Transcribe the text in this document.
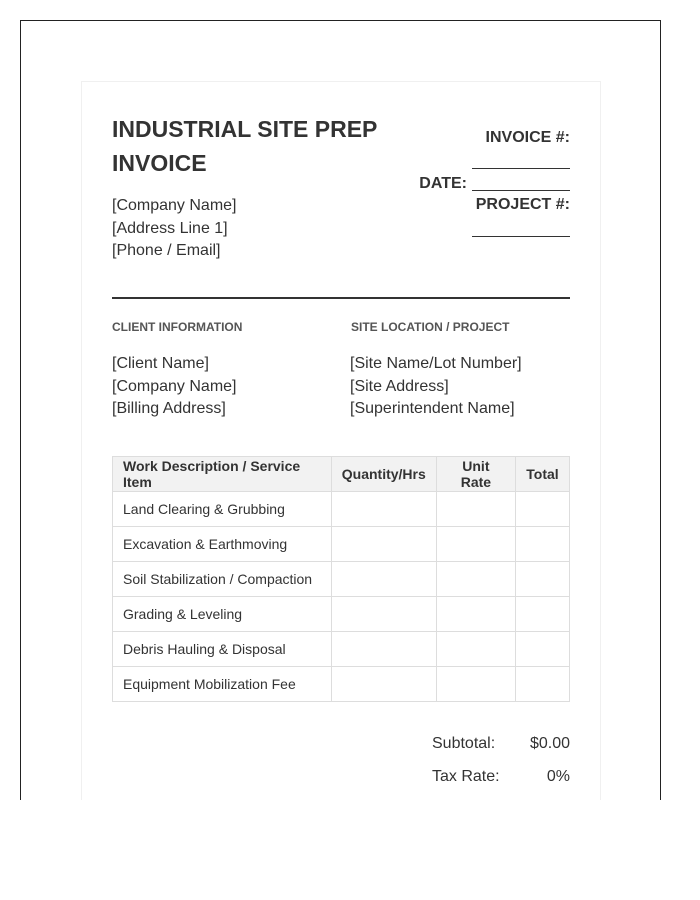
INDUSTRIAL SITE PREP INVOICE
[Company Name]
[Address Line 1]
[Phone / Email]
INVOICE #:
DATE:
PROJECT #:
CLIENT INFORMATION
[Client Name]
[Company Name]
[Billing Address]
SITE LOCATION / PROJECT
[Site Name/Lot Number]
[Site Address]
[Superintendent Name]
Work Description / Service Item	Quantity/Hrs	Unit Rate	Total
Land Clearing & Grubbing			
Excavation & Earthmoving			
Soil Stabilization / Compaction			
Grading & Leveling			
Debris Hauling & Disposal			
Equipment Mobilization Fee			
Subtotal: $0.00
Tax Rate:	0%
